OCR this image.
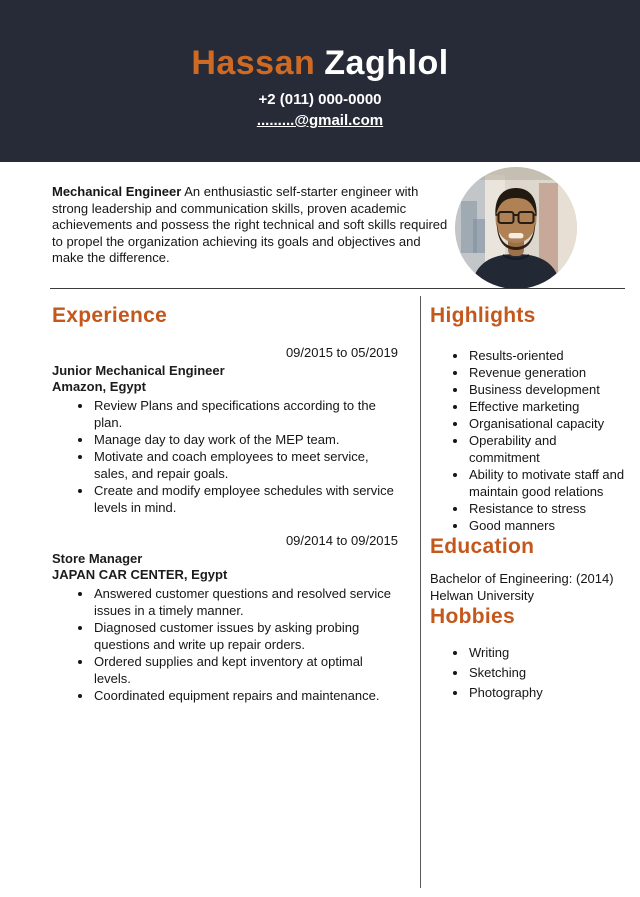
Hassan Zaghlol
+2 (011) 000-0000
.........@gmail.com
Mechanical Engineer An enthusiastic self-starter engineer with strong leadership and communication skills, proven academic achievements and possess the right technical and soft skills required to propel the organization achieving its goals and objectives and make the difference.
Experience
09/2015 to 05/2019
Junior Mechanical Engineer
Amazon, Egypt
• Review Plans and specifications according to the plan.
• Manage day to day work of the MEP team.
• Motivate and coach employees to meet service, sales, and repair goals.
• Create and modify employee schedules with service levels in mind.
09/2014 to 09/2015
Store Manager
JAPAN CAR CENTER, Egypt
• Answered customer questions and resolved service issues in a timely manner.
• Diagnosed customer issues by asking probing questions and write up repair orders.
• Ordered supplies and kept inventory at optimal levels.
• Coordinated equipment repairs and maintenance.
Highlights
• Results-oriented
• Revenue generation
• Business development
• Effective marketing
• Organisational capacity
• Operability and commitment
• Ability to motivate staff and maintain good relations
• Resistance to stress
• Good manners
Education
Bachelor of Engineering: (2014)
Helwan University
Hobbies
• Writing
• Sketching
• Photography
